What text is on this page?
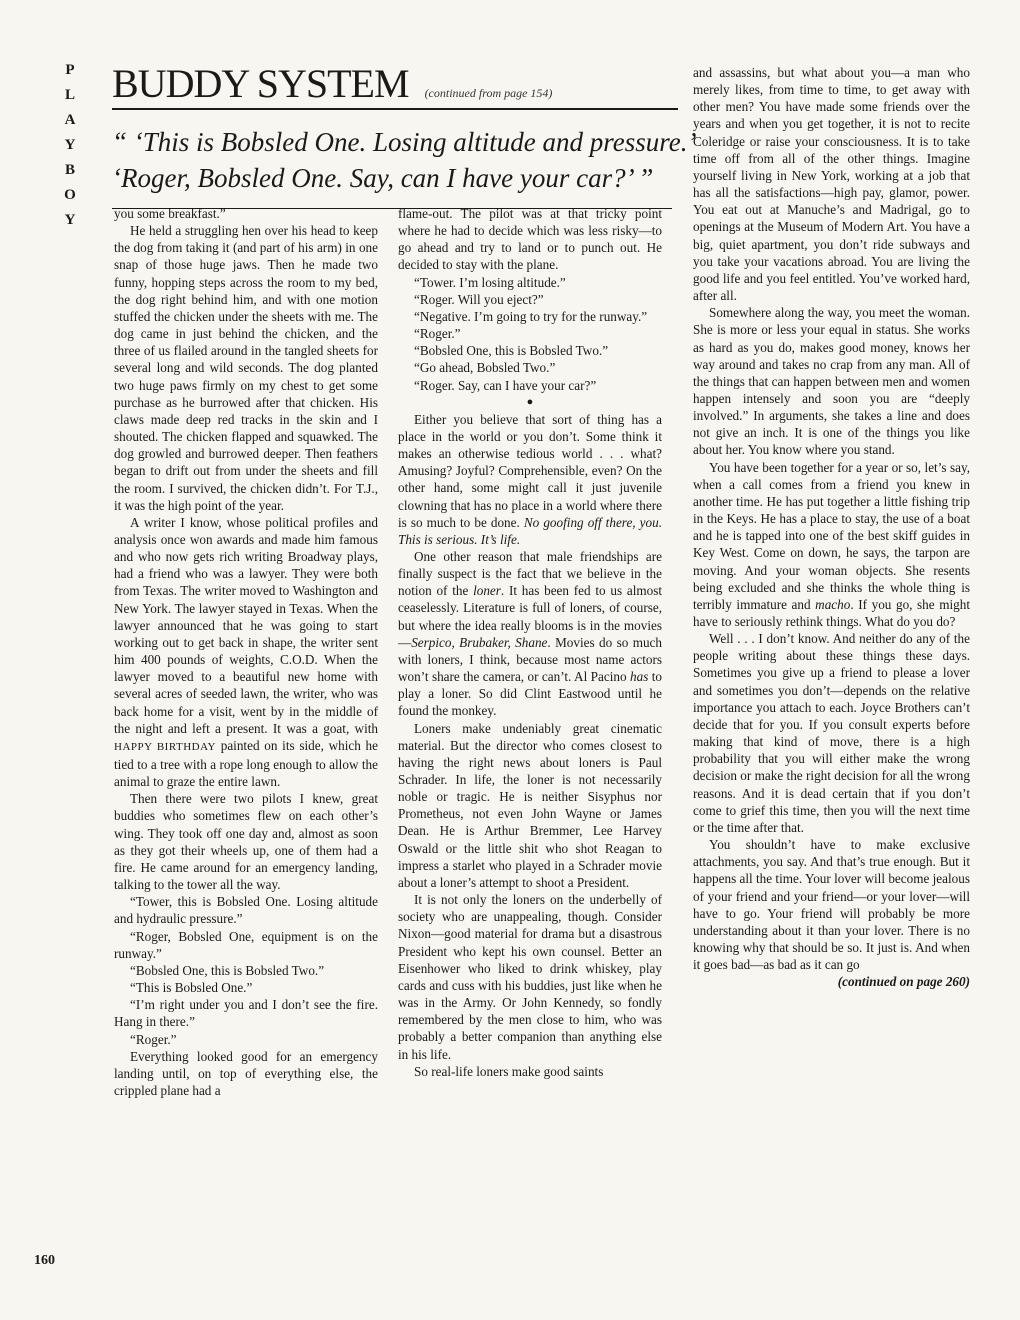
P
L
A
Y
B
O
Y
BUDDY SYSTEM (continued from page 154)

“ ‘This is Bobsled One. Losing altitude and pressure.’

‘Roger, Bobsled One. Say, can I have your car?’ ”

you some breakfast.”

He held a struggling hen over his head to keep the dog from taking it (and part of his arm) in one snap of those huge jaws. Then he made two funny, hopping steps across the room to my bed, the dog right behind him, and with one motion stuffed the chicken under the sheets with me. The dog came in just behind the chicken, and the three of us flailed around in the tangled sheets for several long and wild seconds. The dog planted two huge paws firmly on my chest to get some purchase as he burrowed after that chicken. His claws made deep red tracks in the skin and I shouted. The chicken flapped and squawked. The dog growled and burrowed deeper. Then feathers began to drift out from under the sheets and fill the room. I survived, the chicken didn’t. For T.J., it was the high point of the year.

A writer I know, whose political profiles and analysis once won awards and made him famous and who now gets rich writing Broadway plays, had a friend who was a lawyer. They were both from Texas. The writer moved to Washington and New York. The lawyer stayed in Texas. When the lawyer announced that he was going to start working out to get back in shape, the writer sent him 400 pounds of weights, C.O.D. When the lawyer moved to a beautiful new home with several acres of seeded lawn, the writer, who was back home for a visit, went by in the middle of the night and left a present. It was a goat, with HAPPY BIRTHDAY painted on its side, which he tied to a tree with a rope long enough to allow the animal to graze the entire lawn.

Then there were two pilots I knew, great buddies who sometimes flew on each other’s wing. They took off one day and, almost as soon as they got their wheels up, one of them had a fire. He came around for an emergency landing, talking to the tower all the way.

“Tower, this is Bobsled One. Losing altitude and hydraulic pressure.”

“Roger, Bobsled One, equipment is on the runway.”

“Bobsled One, this is Bobsled Two.”

“This is Bobsled One.”

“I’m right under you and I don’t see the fire. Hang in there.”

“Roger.”

Everything looked good for an emergency landing until, on top of everything else, the crippled plane had a

flame-out. The pilot was at that tricky point where he had to decide which was less risky—to go ahead and try to land or to punch out. He decided to stay with the plane.

“Tower. I’m losing altitude.”

“Roger. Will you eject?”

“Negative. I’m going to try for the runway.”

“Roger.”

“Bobsled One, this is Bobsled Two.”

“Go ahead, Bobsled Two.”

“Roger. Say, can I have your car?”

●

Either you believe that sort of thing has a place in the world or you don’t. Some think it makes an otherwise tedious world . . . what? Amusing? Joyful? Comprehensible, even? On the other hand, some might call it just juvenile clowning that has no place in a world where there is so much to be done. No goofing off there, you. This is serious. It’s life.

One other reason that male friendships are finally suspect is the fact that we believe in the notion of the loner. It has been fed to us almost ceaselessly. Literature is full of loners, of course, but where the idea really blooms is in the movies—Serpico, Brubaker, Shane. Movies do so much with loners, I think, because most name actors won’t share the camera, or can’t. Al Pacino has to play a loner. So did Clint Eastwood until he found the monkey.

Loners make undeniably great cinematic material. But the director who comes closest to having the right news about loners is Paul Schrader. In life, the loner is not necessarily noble or tragic. He is neither Sisyphus nor Prometheus, not even John Wayne or James Dean. He is Arthur Bremmer, Lee Harvey Oswald or the little shit who shot Reagan to impress a starlet who played in a Schrader movie about a loner’s attempt to shoot a President.

It is not only the loners on the underbelly of society who are unappealing, though. Consider Nixon—good material for drama but a disastrous President who kept his own counsel. Better an Eisenhower who liked to drink whiskey, play cards and cuss with his buddies, just like when he was in the Army. Or John Kennedy, so fondly remembered by the men close to him, who was probably a better companion than anything else in his life.

So real-life loners make good saints

and assassins, but what about you—a man who merely likes, from time to time, to get away with other men? You have made some friends over the years and when you get together, it is not to recite Coleridge or raise your consciousness. It is to take time off from all of the other things. Imagine yourself living in New York, working at a job that has all the satisfactions—high pay, glamor, power. You eat out at Manuche’s and Madrigal, go to openings at the Museum of Modern Art. You have a big, quiet apartment, you don’t ride subways and you take your vacations abroad. You are living the good life and you feel entitled. You’ve worked hard, after all.

Somewhere along the way, you meet the woman. She is more or less your equal in status. She works as hard as you do, makes good money, knows her way around and takes no crap from any man. All of the things that can happen between men and women happen intensely and soon you are “deeply involved.” In arguments, she takes a line and does not give an inch. It is one of the things you like about her. You know where you stand.

You have been together for a year or so, let’s say, when a call comes from a friend you knew in another time. He has put together a little fishing trip in the Keys. He has a place to stay, the use of a boat and he is tapped into one of the best skiff guides in Key West. Come on down, he says, the tarpon are moving. And your woman objects. She resents being excluded and she thinks the whole thing is terribly immature and macho. If you go, she might have to seriously rethink things. What do you do?

Well . . . I don’t know. And neither do any of the people writing about these things these days. Sometimes you give up a friend to please a lover and sometimes you don’t—depends on the relative importance you attach to each. Joyce Brothers can’t decide that for you. If you consult experts before making that kind of move, there is a high probability that you will either make the wrong decision or make the right decision for all the wrong reasons. And it is dead certain that if you don’t come to grief this time, then you will the next time or the time after that.

You shouldn’t have to make exclusive attachments, you say. And that’s true enough. But it happens all the time. Your lover will become jealous of your friend and your friend—or your lover—will have to go. Your friend will probably be more understanding about it than your lover. There is no knowing why that should be so. It just is. And when it goes bad—as bad as it can go

(continued on page 260)

160
